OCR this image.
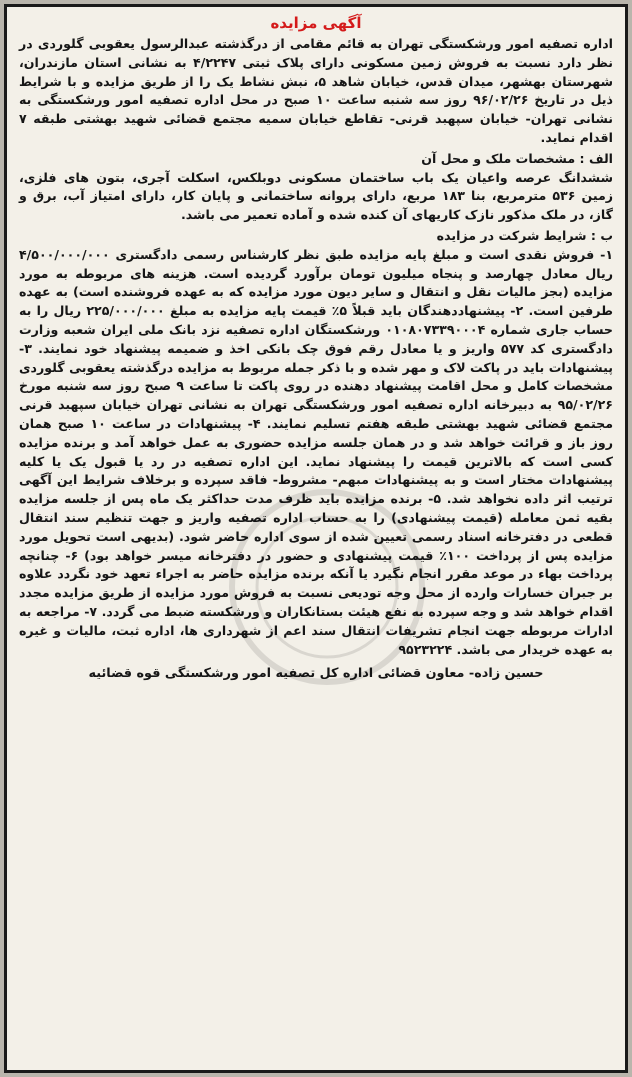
آگهی مزایده

اداره تصفیه امور ورشکستگی تهران به قائم مقامی از درگذشته عبدالرسول یعقوبی گلوردی در نظر دارد نسبت به فروش زمین مسکونی دارای پلاک ثبتی ۴/۲۲۴۷ به نشانی استان مازندران، شهرستان بهشهر، میدان قدس، خیابان شاهد ۵، نبش نشاط یک را از طریق مزایده و با شرایط ذیل در تاریخ ۹۶/۰۲/۲۶ روز سه شنبه ساعت ۱۰ صبح در محل اداره تصفیه امور ورشکستگی به نشانی تهران- خیابان سپهبد قرنی- تقاطع خیابان سمیه مجتمع قضائی شهید بهشتی طبقه ۷ اقدام نماید.

الف : مشخصات ملک و محل آن

ششدانگ عرصه واعیان یک باب ساختمان مسکونی دوبلکس، اسکلت آجری، بتون های فلزی، زمین ۵۳۶ مترمربع، بنا ۱۸۳ مربع، دارای پروانه ساختمانی و پایان کار، دارای امتیاز آب، برق و گاز، در ملک مذکور نازک کاریهای آن کنده شده و آماده تعمیر می باشد.

ب : شرایط شرکت در مزایده

۱- فروش نقدی است و مبلغ پایه مزایده طبق نظر کارشناس رسمی دادگستری ۴/۵۰۰/۰۰۰/۰۰۰ ریال معادل چهارصد و پنجاه میلیون تومان برآورد گردیده است. هزینه های مربوطه به مورد مزایده (بجز مالیات نقل و انتقال و سایر دیون مورد مزایده که به عهده فروشنده است) به عهده طرفین است. ۲- پیشنهاددهندگان باید قبلاً ۵٪ قیمت پایه مزایده به مبلغ ۲۲۵/۰۰۰/۰۰۰ ریال را به حساب جاری شماره ۰۱۰۸۰۷۳۳۹۰۰۰۴ ورشکستگان اداره تصفیه نزد بانک ملی ایران شعبه وزارت دادگستری کد ۵۷۷ واریز و یا معادل رقم فوق چک بانکی اخذ و ضمیمه پیشنهاد خود نمایند. ۳- پیشنهادات باید در پاکت لاک و مهر شده و با ذکر جمله مربوط به مزایده درگذشته یعقوبی گلوردی مشخصات کامل و محل اقامت پیشنهاد دهنده در روی پاکت تا ساعت ۹ صبح روز سه شنبه مورخ ۹۵/۰۲/۲۶ به دبیرخانه اداره تصفیه امور ورشکستگی تهران به نشانی تهران خیابان سپهبد قرنی مجتمع قضائی شهید بهشتی طبقه هفتم تسلیم نمایند. ۴- پیشنهادات در ساعت ۱۰ صبح همان روز باز و قرائت خواهد شد و در همان جلسه مزایده حضوری به عمل خواهد آمد و برنده مزایده کسی است که بالاترین قیمت را پیشنهاد نماید. این اداره تصفیه در رد یا قبول یک یا کلیه پیشنهادات مختار است و به پیشنهادات مبهم- مشروط- فاقد سپرده و برخلاف شرایط این آگهی ترتیب اثر داده نخواهد شد. ۵- برنده مزایده باید ظرف مدت حداکثر یک ماه پس از جلسه مزایده بقیه ثمن معامله (قیمت پیشنهادی) را به حساب اداره تصفیه واریز و جهت تنظیم سند انتقال قطعی در دفترخانه اسناد رسمی تعیین شده از سوی اداره حاضر شود. (بدیهی است تحویل مورد مزایده پس از پرداخت ۱۰۰٪ قیمت پیشنهادی و حضور در دفترخانه میسر خواهد بود) ۶- چنانچه پرداخت بهاء در موعد مقرر انجام نگیرد یا آنکه برنده مزایده حاضر به اجراء تعهد خود نگردد علاوه بر جبران خسارات وارده از محل وجه تودیعی نسبت به فروش مورد مزایده از طریق مزایده مجدد اقدام خواهد شد و وجه سپرده به نفع هیئت بستانکاران و ورشکسته ضبط می گردد. ۷- مراجعه به ادارات مربوطه جهت انجام تشریفات انتقال سند اعم از شهرداری ها، اداره ثبت، مالیات و غیره به عهده خریدار می باشد. ۹۵۲۳۲۲۴

حسین زاده- معاون قضائی اداره کل تصفیه امور ورشکستگی قوه قضائیه
